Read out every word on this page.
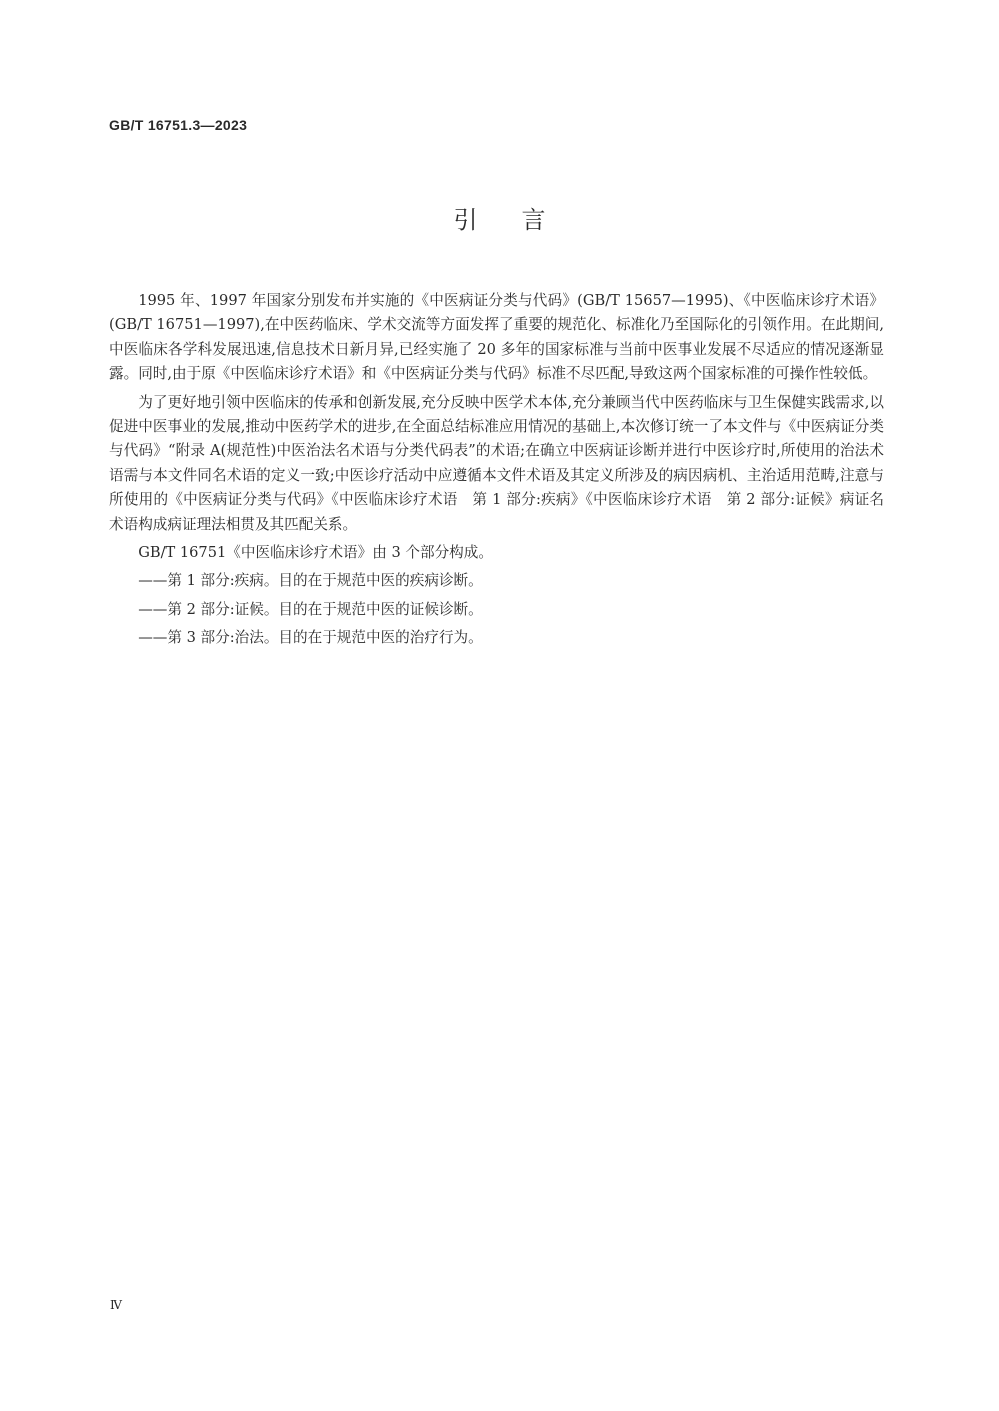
GB/T 16751.3—2023
引言

1995 年、1997 年国家分别发布并实施的《中医病证分类与代码》(GB/T 15657—1995)、《中医临床诊疗术语》(GB/T 16751—1997),在中医药临床、学术交流等方面发挥了重要的规范化、标准化乃至国际化的引领作用。在此期间,中医临床各学科发展迅速,信息技术日新月异,已经实施了 20 多年的国家标准与当前中医事业发展不尽适应的情况逐渐显露。同时,由于原《中医临床诊疗术语》和《中医病证分类与代码》标准不尽匹配,导致这两个国家标准的可操作性较低。

为了更好地引领中医临床的传承和创新发展,充分反映中医学术本体,充分兼顾当代中医药临床与卫生保健实践需求,以促进中医事业的发展,推动中医药学术的进步,在全面总结标准应用情况的基础上,本次修订统一了本文件与《中医病证分类与代码》“附录 A(规范性)中医治法名术语与分类代码表”的术语;在确立中医病证诊断并进行中医诊疗时,所使用的治法术语需与本文件同名术语的定义一致;中医诊疗活动中应遵循本文件术语及其定义所涉及的病因病机、主治适用范畴,注意与所使用的《中医病证分类与代码》《中医临床诊疗术语　第 1 部分:疾病》《中医临床诊疗术语　第 2 部分:证候》病证名术语构成病证理法相贯及其匹配关系。

GB/T 16751《中医临床诊疗术语》由 3 个部分构成。

——第 1 部分:疾病。目的在于规范中医的疾病诊断。

——第 2 部分:证候。目的在于规范中医的证候诊断。

——第 3 部分:治法。目的在于规范中医的治疗行为。

Ⅳ
